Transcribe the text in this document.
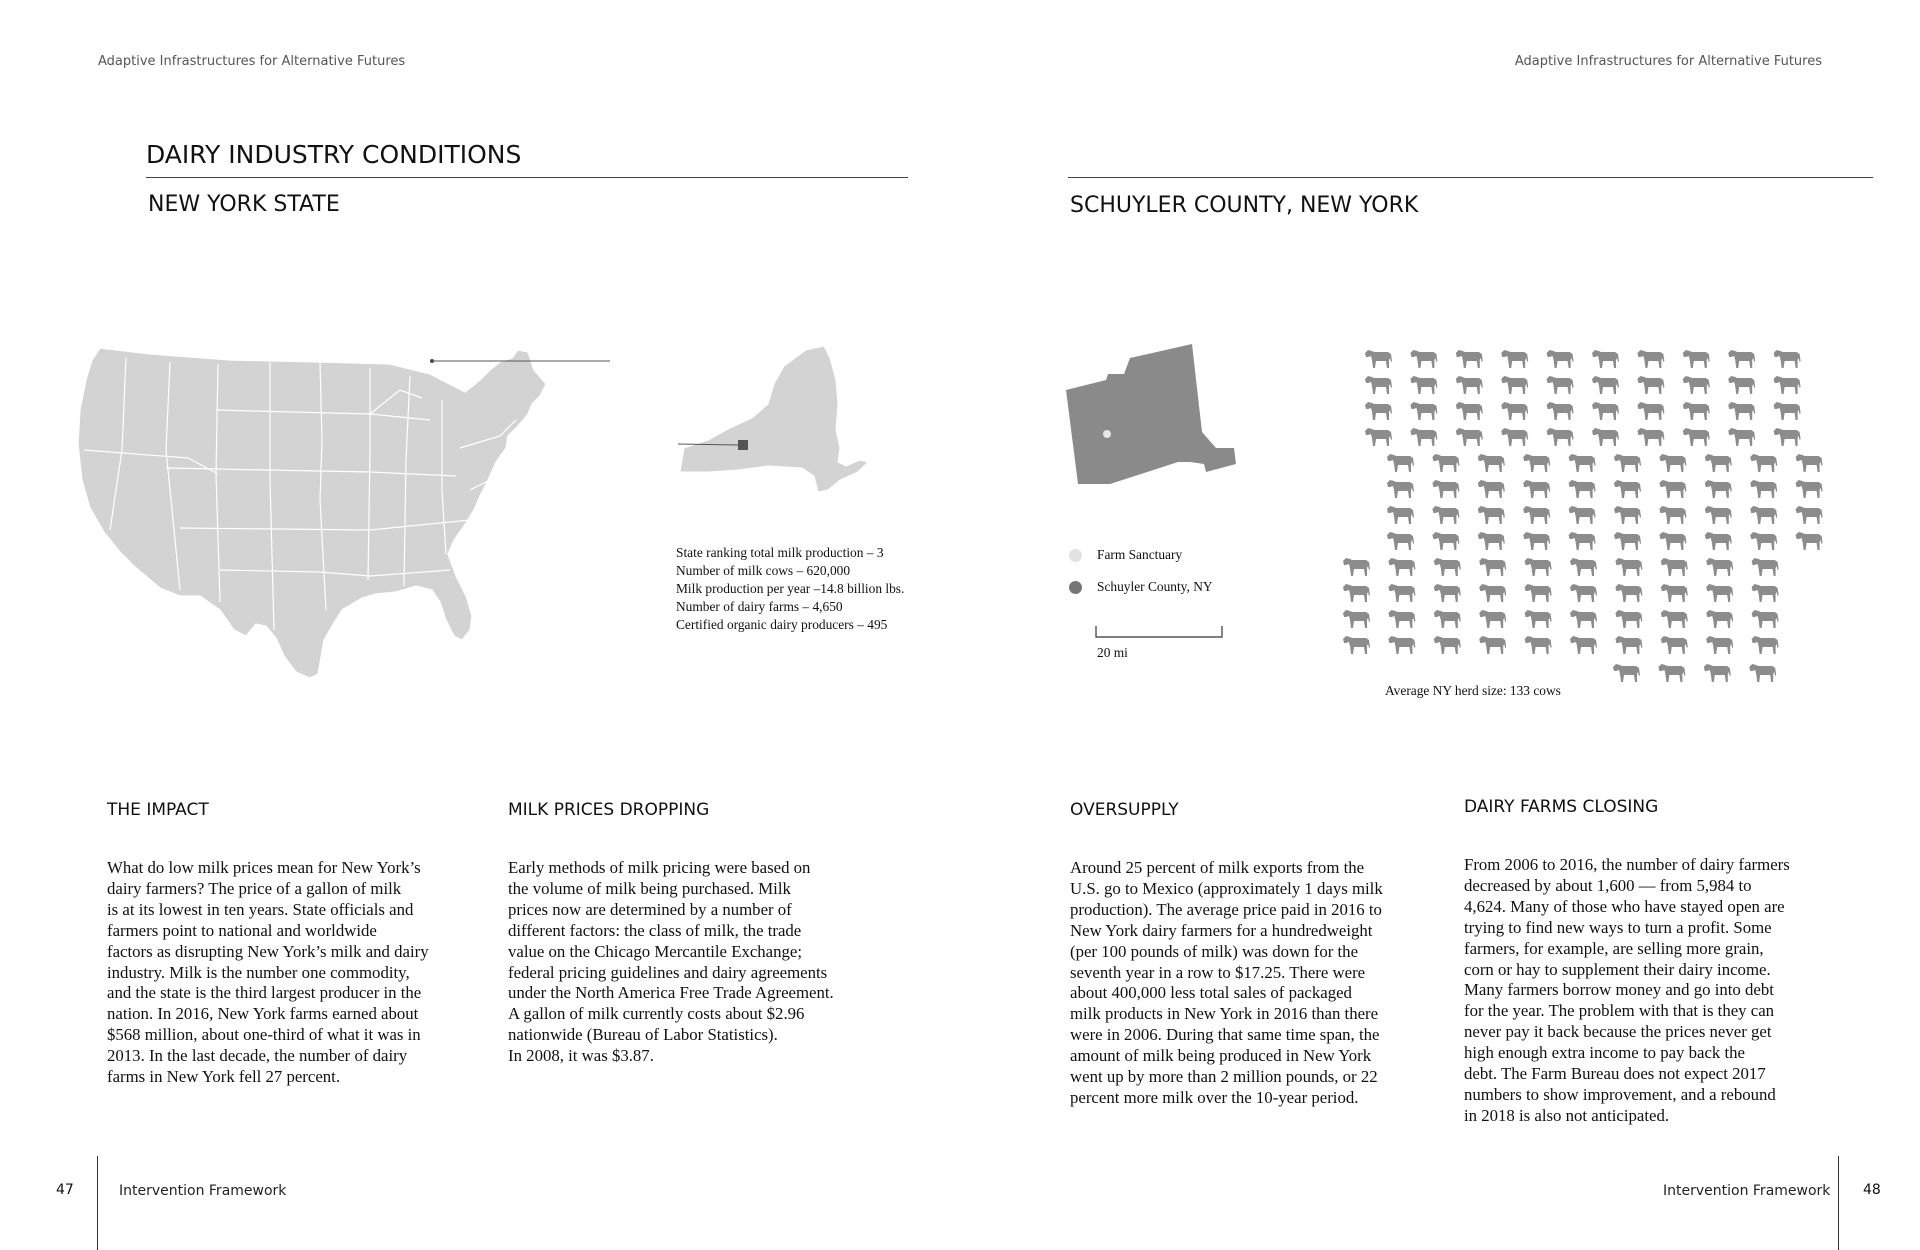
Adaptive Infrastructures for Alternative Futures	Adaptive Infrastructures for Alternative Futures
DAIRY INDUSTRY CONDITIONS
NEW YORK STATE
State ranking total milk production – 3
Number of milk cows – 620,000
Milk production per year –14.8 billion lbs.
Number of dairy farms – 4,650
Certified organic dairy producers – 495
THE IMPACT
What do low milk prices mean for New York’s
dairy farmers? The price of a gallon of milk
is at its lowest in ten years. State officials and
farmers point to national and worldwide
factors as disrupting New York’s milk and dairy
industry. Milk is the number one commodity,
and the state is the third largest producer in the
nation. In 2016, New York farms earned about
$568 million, about one-third of what it was in
2013. In the last decade, the number of dairy
farms in New York fell 27 percent.
MILK PRICES DROPPING
Early methods of milk pricing were based on
the volume of milk being purchased. Milk
prices now are determined by a number of
different factors: the class of milk, the trade
value on the Chicago Mercantile Exchange;
federal pricing guidelines and dairy agreements
under the North America Free Trade Agreement.
A gallon of milk currently costs about $2.96
nationwide (Bureau of Labor Statistics).
In 2008, it was $3.87.
47	Intervention Framework
SCHUYLER COUNTY, NEW YORK
Farm Sanctuary
Schuyler County, NY
20 mi
Average NY herd size: 133 cows
OVERSUPPLY
Around 25 percent of milk exports from the
U.S. go to Mexico (approximately 1 days milk
production). The average price paid in 2016 to
New York dairy farmers for a hundredweight
(per 100 pounds of milk) was down for the
seventh year in a row to $17.25. There were
about 400,000 less total sales of packaged
milk products in New York in 2016 than there
were in 2006. During that same time span, the
amount of milk being produced in New York
went up by more than 2 million pounds, or 22
percent more milk over the 10-year period.
DAIRY FARMS CLOSING
From 2006 to 2016, the number of dairy farmers
decreased by about 1,600 — from 5,984 to
4,624. Many of those who have stayed open are
trying to find new ways to turn a profit. Some
farmers, for example, are selling more grain,
corn or hay to supplement their dairy income.
Many farmers borrow money and go into debt
for the year. The problem with that is they can
never pay it back because the prices never get
high enough extra income to pay back the
debt. The Farm Bureau does not expect 2017
numbers to show improvement, and a rebound
in 2018 is also not anticipated.
Intervention Framework 48
